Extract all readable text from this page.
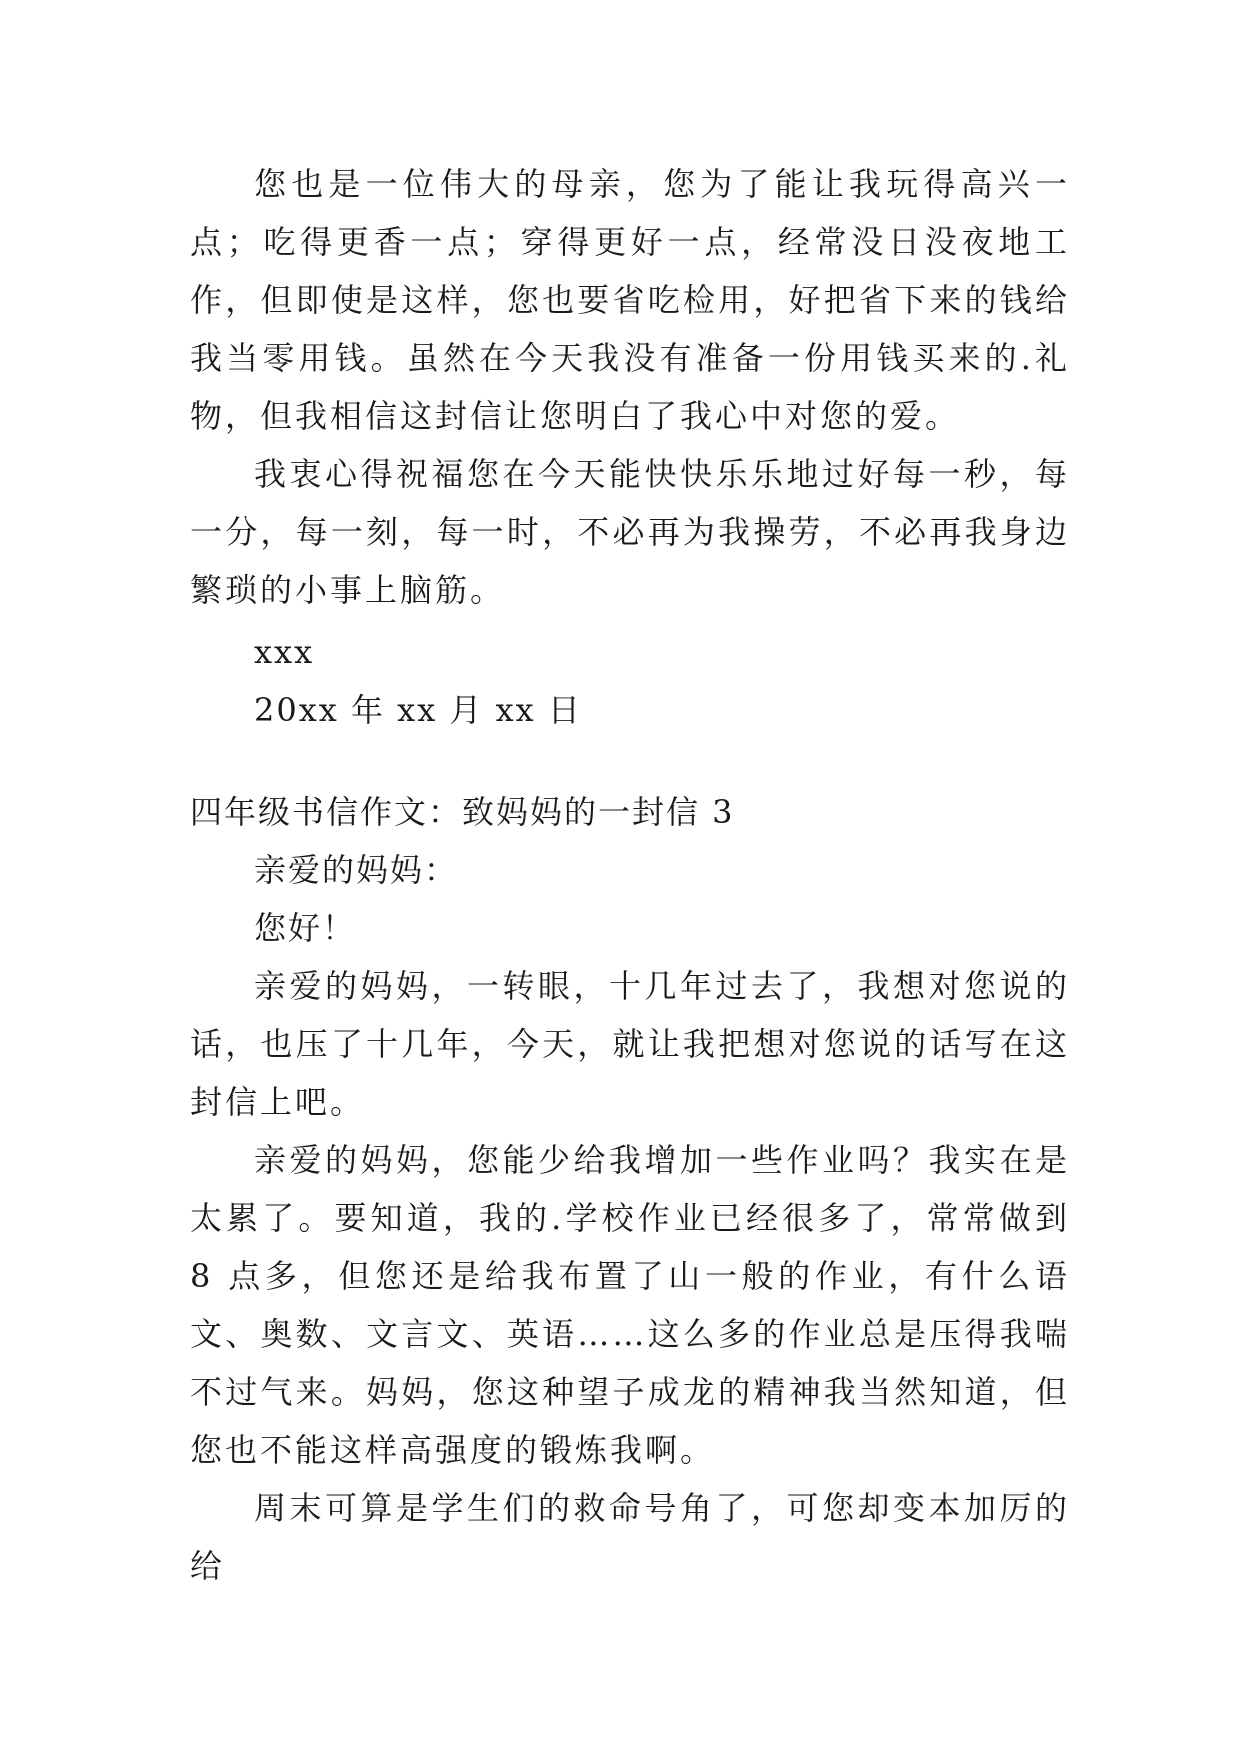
您也是一位伟大的母亲，您为了能让我玩得高兴一点；吃得更香一点；穿得更好一点，经常没日没夜地工作，但即使是这样，您也要省吃检用，好把省下来的钱给我当零用钱。虽然在今天我没有准备一份用钱买来的.礼物，但我相信这封信让您明白了我心中对您的爱。

我衷心得祝福您在今天能快快乐乐地过好每一秒，每一分，每一刻，每一时，不必再为我操劳，不必再我身边繁琐的小事上脑筋。

xxx

20xx 年 xx 月 xx 日

四年级书信作文：致妈妈的一封信 3

亲爱的妈妈：

您好！

亲爱的妈妈，一转眼，十几年过去了，我想对您说的话，也压了十几年，今天，就让我把想对您说的话写在这封信上吧。

亲爱的妈妈，您能少给我增加一些作业吗？我实在是太累了。要知道，我的.学校作业已经很多了，常常做到 8 点多，但您还是给我布置了山一般的作业，有什么语文、奥数、文言文、英语……这么多的作业总是压得我喘不过气来。妈妈，您这种望子成龙的精神我当然知道，但您也不能这样高强度的锻炼我啊。

周末可算是学生们的救命号角了，可您却变本加厉的给
